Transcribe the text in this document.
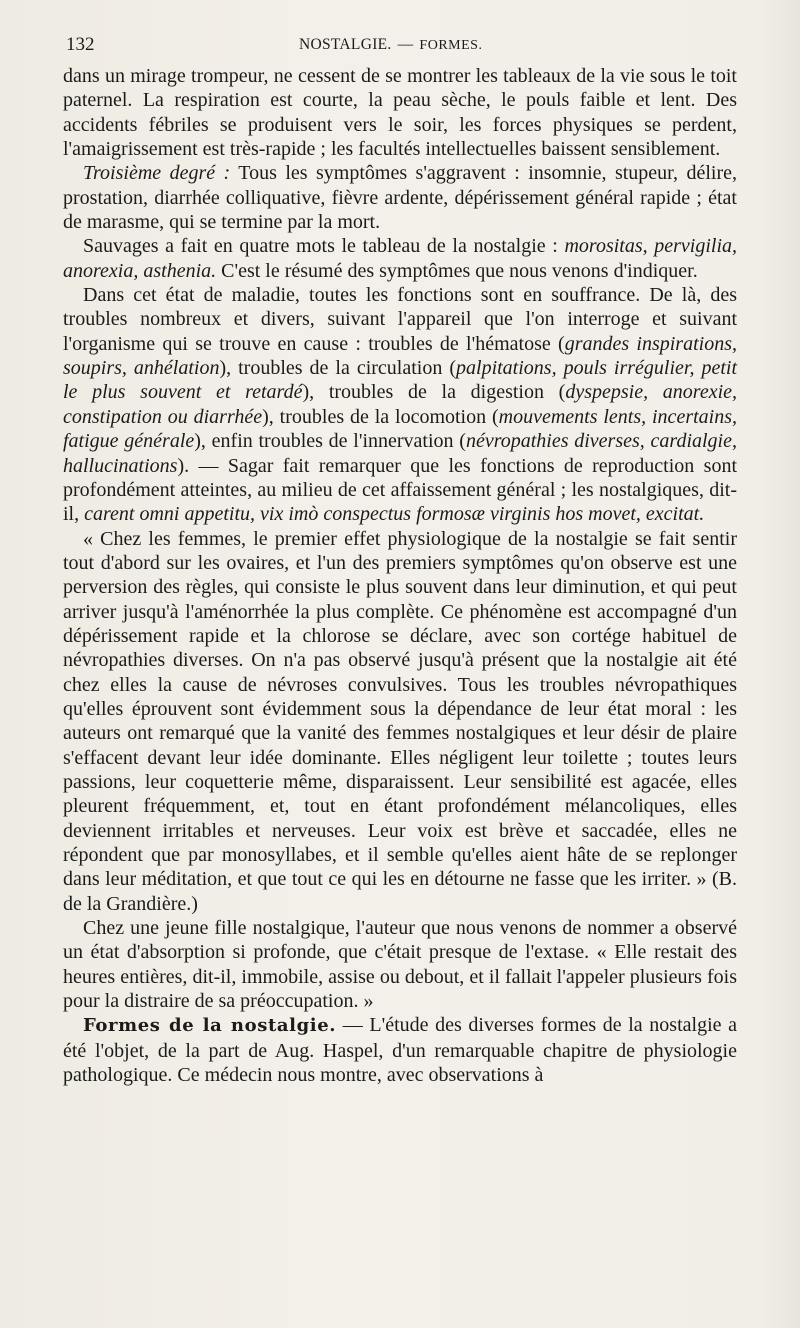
132	NOSTALGIE. — FORMES.

dans un mirage trompeur, ne cessent de se montrer les tableaux de la vie sous le toit paternel. La respiration est courte, la peau sèche, le pouls faible et lent. Des accidents fébriles se produisent vers le soir, les forces physiques se perdent, l'amaigrissement est très-rapide ; les facultés intellectuelles baissent sensiblement.

Troisième degré : Tous les symptômes s'aggravent : insomnie, stupeur, délire, prostation, diarrhée colliquative, fièvre ardente, dépérissement général rapide ; état de marasme, qui se termine par la mort.

Sauvages a fait en quatre mots le tableau de la nostalgie : morositas, pervigilia, anorexia, asthenia. C'est le résumé des symptômes que nous venons d'indiquer.

Dans cet état de maladie, toutes les fonctions sont en souffrance. De là, des troubles nombreux et divers, suivant l'appareil que l'on interroge et suivant l'organisme qui se trouve en cause : troubles de l'hématose (grandes inspirations, soupirs, anhélation), troubles de la circulation (palpitations, pouls irrégulier, petit le plus souvent et retardé), troubles de la digestion (dyspepsie, anorexie, constipation ou diarrhée), troubles de la locomotion (mouvements lents, incertains, fatigue générale), enfin troubles de l'innervation (névropathies diverses, cardialgie, hallucinations). — Sagar fait remarquer que les fonctions de reproduction sont profondément atteintes, au milieu de cet affaissement général ; les nostalgiques, dit-il, carent omni appetitu, vix imò conspectus formosæ virginis hos movet, excitat.

« Chez les femmes, le premier effet physiologique de la nostalgie se fait sentir tout d'abord sur les ovaires, et l'un des premiers symptômes qu'on observe est une perversion des règles, qui consiste le plus souvent dans leur diminution, et qui peut arriver jusqu'à l'aménorrhée la plus complète. Ce phénomène est accompagné d'un dépérissement rapide et la chlorose se déclare, avec son cortége habituel de névropathies diverses. On n'a pas observé jusqu'à présent que la nostalgie ait été chez elles la cause de névroses convulsives. Tous les troubles névropathiques qu'elles éprouvent sont évidemment sous la dépendance de leur état moral : les auteurs ont remarqué que la vanité des femmes nostalgiques et leur désir de plaire s'effacent devant leur idée dominante. Elles négligent leur toilette ; toutes leurs passions, leur coquetterie même, disparaissent. Leur sensibilité est agacée, elles pleurent fréquemment, et, tout en étant profondément mélancoliques, elles deviennent irritables et nerveuses. Leur voix est brève et saccadée, elles ne répondent que par monosyllabes, et il semble qu'elles aient hâte de se replonger dans leur méditation, et que tout ce qui les en détourne ne fasse que les irriter. » (B. de la Grandière.)

Chez une jeune fille nostalgique, l'auteur que nous venons de nommer a observé un état d'absorption si profonde, que c'était presque de l'extase. « Elle restait des heures entières, dit-il, immobile, assise ou debout, et il fallait l'appeler plusieurs fois pour la distraire de sa préoccupation. »

Formes de la nostalgie. — L'étude des diverses formes de la nostalgie a été l'objet, de la part de Aug. Haspel, d'un remarquable chapitre de physiologie pathologique. Ce médecin nous montre, avec observations à
